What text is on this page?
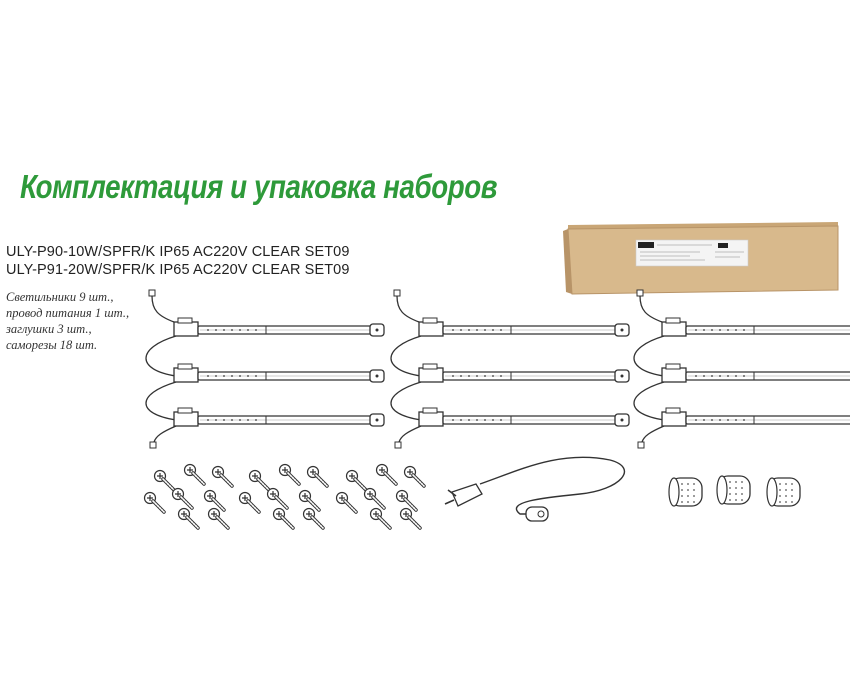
Комплектация и упаковка наборов
ULY-P90-10W/SPFR/K IP65 AC220V CLEAR SET09
ULY-P91-20W/SPFR/K IP65 AC220V CLEAR SET09
Светильники 9 шт.,
провод питания 1 шт.,
заглушки 3 шт.,
саморезы 18 шт.
